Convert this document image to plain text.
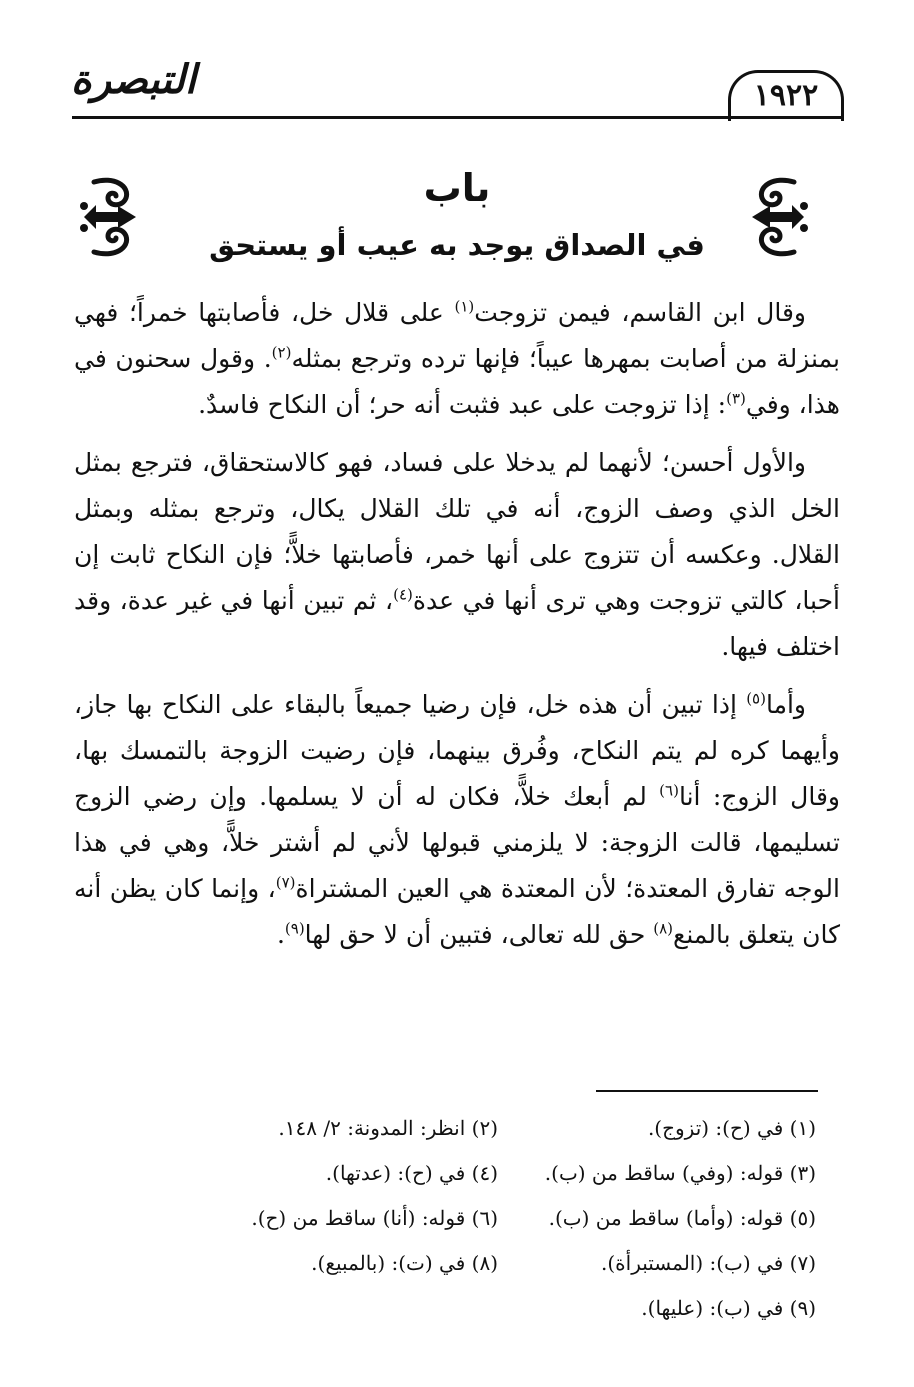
١٩٢٢
التبصرة
باب
في الصداق يوجد به عيب أو يستحق

وقال ابن القاسم، فيمن تزوجت$^{(١)}$ على قلال خل، فأصابتها خمراً؛ فهي بمنزلة من أصابت بمهرها عيباً؛ فإنها ترده وترجع بمثله$^{(٢)}$. وقول سحنون في هذا، وفي$^{(٣)}$: إذا تزوجت على عبد فثبت أنه حر؛ أن النكاح فاسدٌ.

والأول أحسن؛ لأنهما لم يدخلا على فساد، فهو كالاستحقاق، فترجع بمثل الخل الذي وصف الزوج، أنه في تلك القلال يكال، وترجع بمثله وبمثل القلال. وعكسه أن تتزوج على أنها خمر، فأصابتها خلاًّ؛ فإن النكاح ثابت إن أحبا، كالتي تزوجت وهي ترى أنها في عدة$^{(٤)}$، ثم تبين أنها في غير عدة، وقد اختلف فيها.

وأما$^{(٥)}$ إذا تبين أن هذه خل، فإن رضيا جميعاً بالبقاء على النكاح بها جاز، وأيهما كره لم يتم النكاح، وفُرق بينهما، فإن رضيت الزوجة بالتمسك بها، وقال الزوج: أنا$^{(٦)}$ لم أبعك خلاًّ، فكان له أن لا يسلمها. وإن رضي الزوج تسليمها، قالت الزوجة: لا يلزمني قبولها لأني لم أشتر خلاًّ، وهي في هذا الوجه تفارق المعتدة؛ لأن المعتدة هي العين المشتراة$^{(٧)}$، وإنما كان يظن أنه كان يتعلق بالمنع$^{(٨)}$ حق لله تعالى، فتبين أن لا حق لها$^{(٩)}$.

(١) في (ح): (تزوج).
(٢) انظر: المدونة: ٢/ ١٤٨.
(٣) قوله: (وفي) ساقط من (ب).
(٤) في (ح): (عدتها).
(٥) قوله: (وأما) ساقط من (ب).
(٦) قوله: (أنا) ساقط من (ح).
(٧) في (ب): (المستبرأة).
(٨) في (ت): (بالمبيع).
(٩) في (ب): (عليها).
